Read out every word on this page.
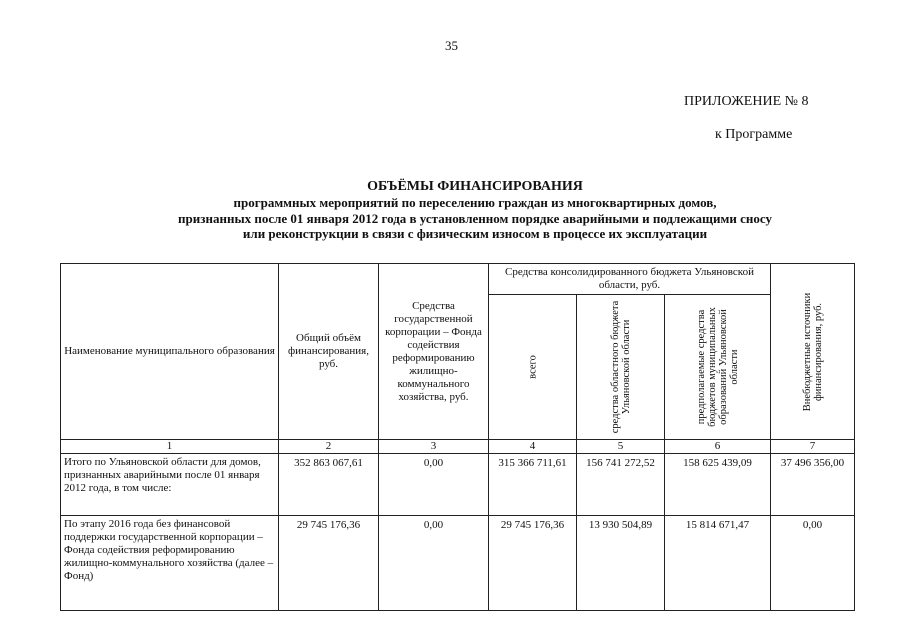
35
ПРИЛОЖЕНИЕ № 8
к Программе
ОБЪЁМЫ ФИНАНСИРОВАНИЯ
программных мероприятий по переселению граждан из многоквартирных домов,
признанных после 01 января 2012 года в установленном порядке аварийными и подлежащими сносу
или реконструкции в связи с физическим износом в процессе их эксплуатации
Наименование муниципального образования	Общий объём финансирования, руб.	Средства государственной корпорации – Фонда содействия реформированию жилищно-коммунального хозяйства, руб.	Средства консолидированного бюджета Ульяновской области, руб.			Внебюджетные источники финансирования, руб.

			всего	средства областного бюджета Ульяновской области	предполагаемые средства бюджетов муниципальных образований Ульяновской области	

1	2	3	4	5	6	7
Итого по Ульяновской области для домов, признанных аварийными после 01 января 2012 года, в том числе:	352 863 067,61	0,00	315 366 711,61	156 741 272,52	158 625 439,09	37 496 356,00
По этапу 2016 года без финансовой поддержки государственной корпорации – Фонда содействия реформированию жилищно-коммунального хозяйства (далее – Фонд)	29 745 176,36	0,00	29 745 176,36	13 930 504,89	15 814 671,47	0,00
